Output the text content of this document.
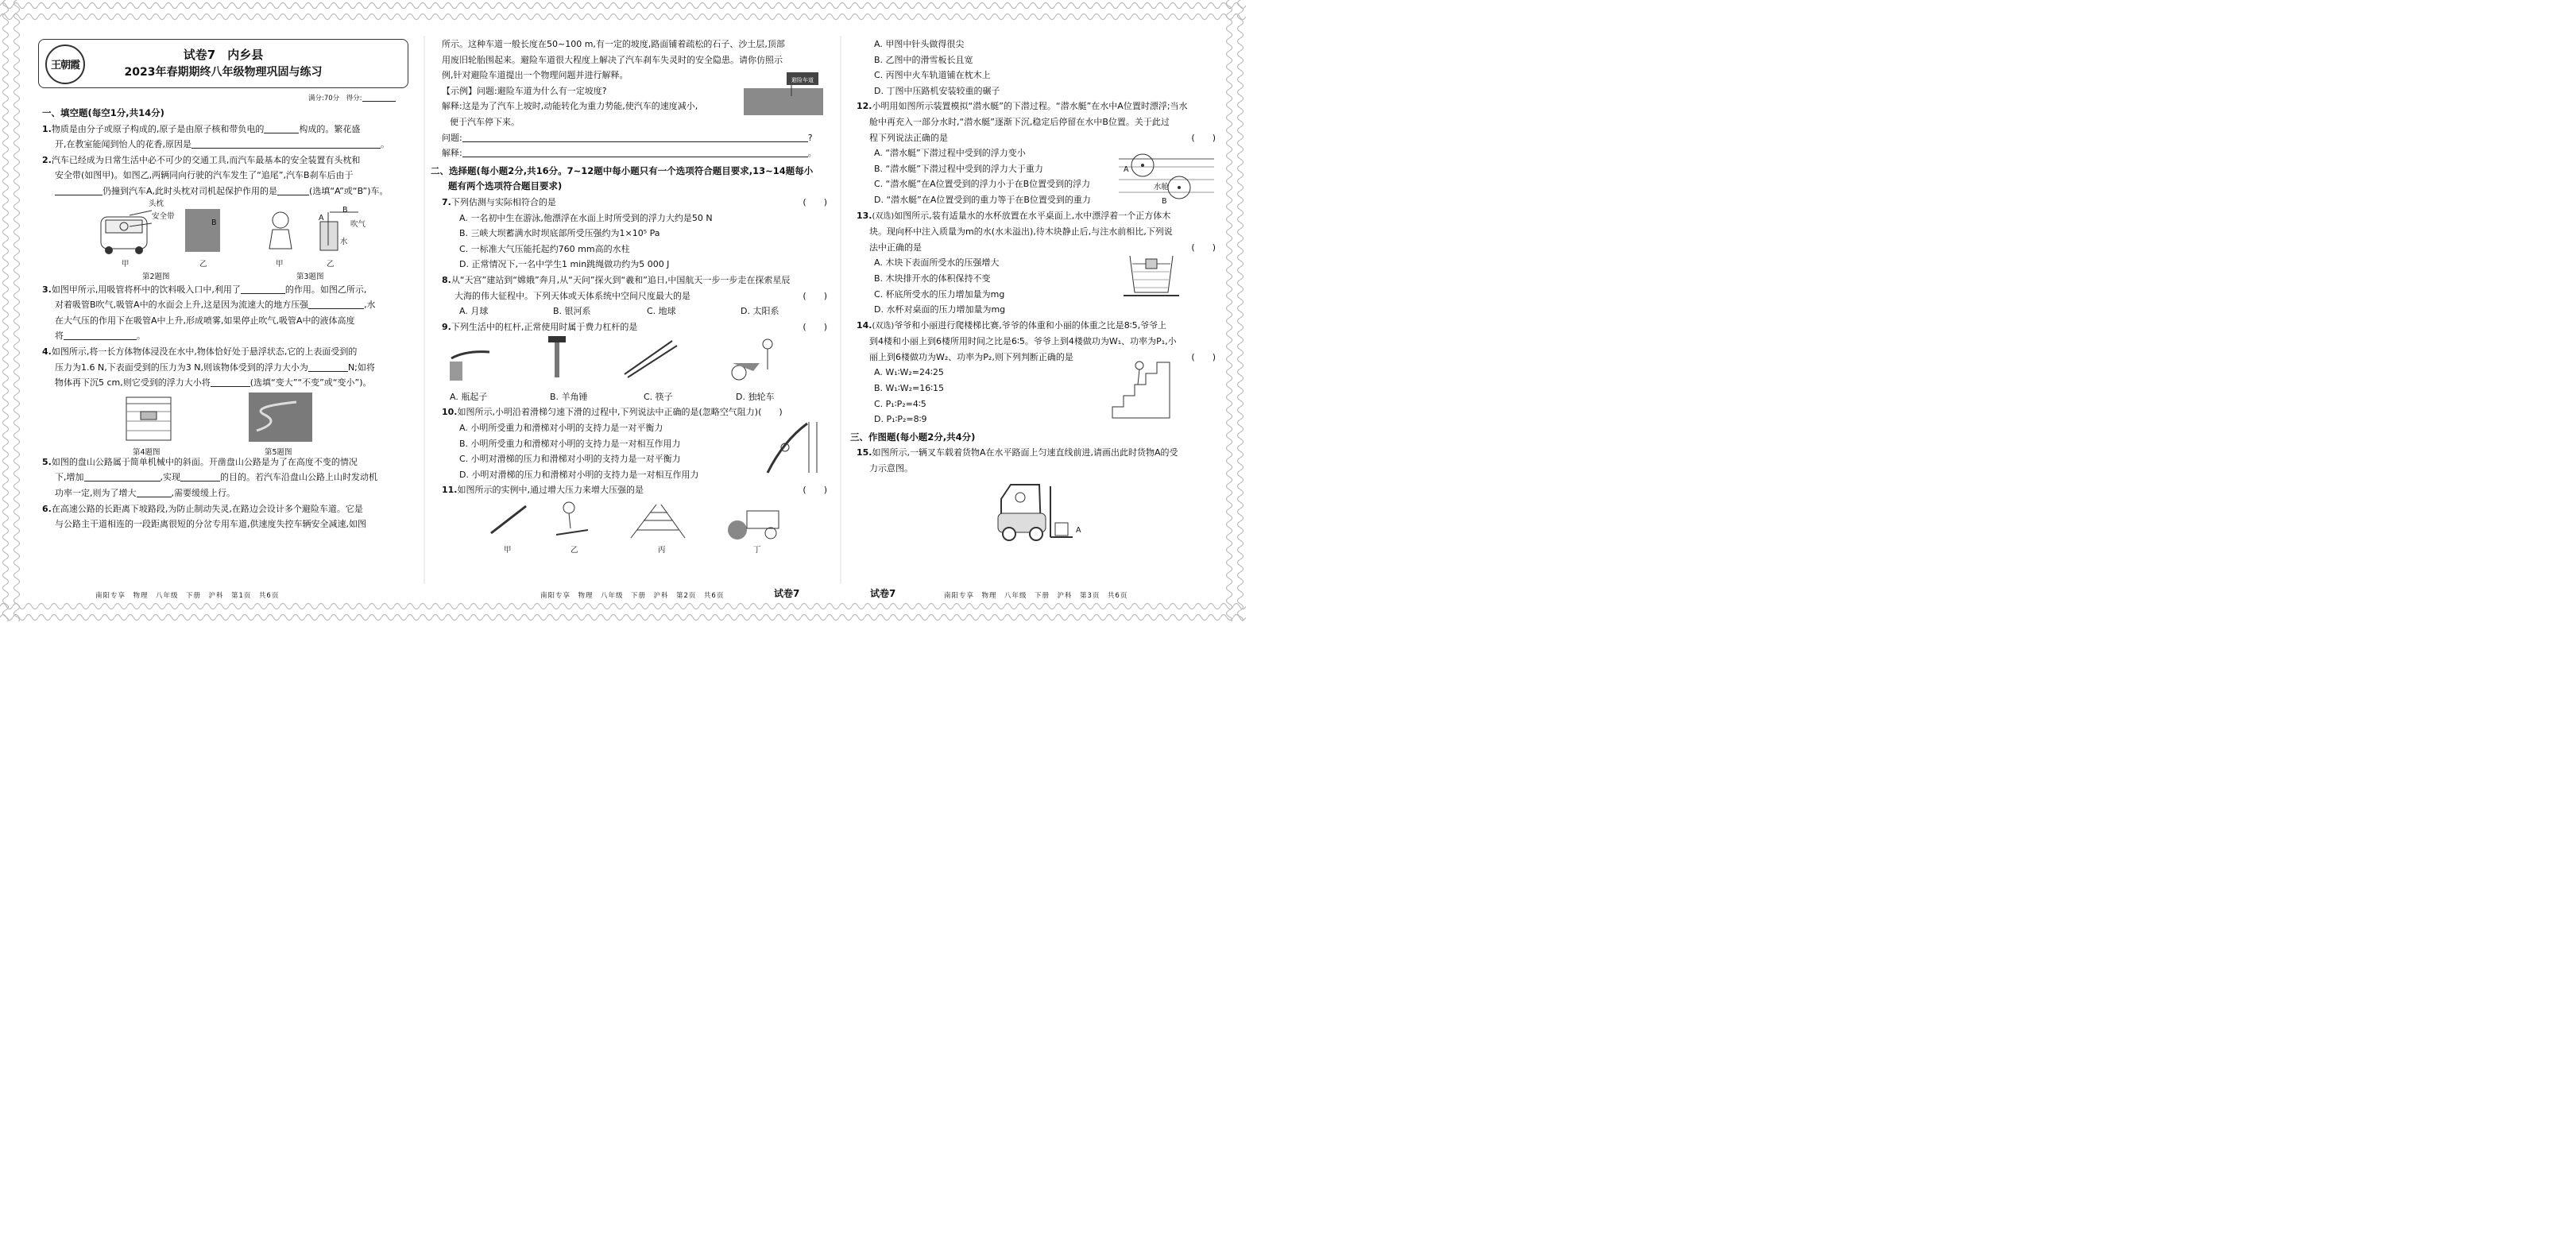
王朝霞
试卷7　内乡县
2023年春期期终八年级物理巩固与练习
满分:70分　得分:

一、填空题(每空1分,共14分)

1.物质是由分子或原子构成的,原子是由原子核和带负电的	构成的。繁花盛

开,在教室能闻到怡人的花香,原因是	。

2.汽车已经成为日常生活中必不可少的交通工具,而汽车最基本的安全装置有头枕和

安全带(如图甲)。如图乙,两辆同向行驶的汽车发生了“追尾”,汽车B刹车后由于

仍撞到汽车A,此时头枕对司机起保护作用的是	(选填“A”或“B”)车。

头枕
安全带
B
甲	乙
B
A
吹气
水
甲	乙
第2题图	第3题图

3.如图甲所示,用吸管将杯中的饮料吸入口中,利用了	的作用。如图乙所示,

对着吸管B吹气,吸管A中的水面会上升,这是因为流速大的地方压强	,水

在大气压的作用下在吸管A中上升,形成喷雾,如果停止吹气,吸管A中的液体高度

将	。

4.如图所示,将一长方体物体浸没在水中,物体恰好处于悬浮状态,它的上表面受到的

压力为1.6 N,下表面受到的压力为3 N,则该物体受到的浮力大小为	N;如将

物体再下沉5 cm,则它受到的浮力大小将	(选填“变大”“不变”或“变小”)。

第4题图	第5题图

5.如图的盘山公路属于简单机械中的斜面。开凿盘山公路是为了在高度不变的情况

下,增加	,实现	的目的。若汽车沿盘山公路上山时发动机

功率一定,则为了增大	,需要缓缓上行。

6.在高速公路的长距离下坡路段,为防止制动失灵,在路边会设计多个避险车道。它是

与公路主干道相连的一段距离很短的分岔专用车道,供速度失控车辆安全减速,如图

所示。这种车道一般长度在50~100 m,有一定的坡度,路面铺着疏松的石子、沙土层,顶部

用废旧轮胎围起来。避险车道很大程度上解决了汽车刹车失灵时的安全隐患。请你仿照示

例,针对避险车道提出一个物理问题并进行解释。

【示例】问题:避险车道为什么有一定坡度?

解释:这是为了汽车上坡时,动能转化为重力势能,使汽车的速度减小,

便于汽车停下来。

避险车道

问题:	?

解释:	。

二、选择题(每小题2分,共16分。7~12题中每小题只有一个选项符合题目要求,13~14题每小

题有两个选项符合题目要求)

7.下列估测与实际相符合的是	(　　)

A. 一名初中生在游泳,他漂浮在水面上时所受到的浮力大约是50 N

B. 三峡大坝蓄满水时坝底部所受压强约为1×10⁵ Pa

C. 一标准大气压能托起约760 mm高的水柱

D. 正常情况下,一名中学生1 min跳绳做功约为5 000 J

8.从“天宫”建站到“嫦娥”奔月,从“天问”探火到“羲和”追日,中国航天一步一步走在探索星辰

大海的伟大征程中。下列天体或天体系统中空间尺度最大的是	(　　)

A. 月球	B. 银河系	C. 地球	D. 太阳系

9.下列生活中的杠杆,正常使用时属于费力杠杆的是	(　　)

A. 瓶起子	B. 羊角锤	C. 筷子	D. 独轮车

10.如图所示,小明沿着滑梯匀速下滑的过程中,下列说法中正确的是(忽略空气阻力)(　　)

A. 小明所受重力和滑梯对小明的支持力是一对平衡力

B. 小明所受重力和滑梯对小明的支持力是一对相互作用力

C. 小明对滑梯的压力和滑梯对小明的支持力是一对平衡力

D. 小明对滑梯的压力和滑梯对小明的支持力是一对相互作用力

11.如图所示的实例中,通过增大压力来增大压强的是	(　　)

甲	乙	丙	丁

A. 甲图中针头做得很尖

B. 乙图中的滑雪板长且宽

C. 丙图中火车轨道铺在枕木上

D. 丁图中压路机安装较重的碾子

12.小明用如图所示装置模拟“潜水艇”的下潜过程。“潜水艇”在水中A位置时漂浮;当水

舱中再充入一部分水时,“潜水艇”逐渐下沉,稳定后停留在水中B位置。关于此过

程下列说法正确的是	(　　)

A. “潜水艇”下潜过程中受到的浮力变小

B. “潜水艇”下潜过程中受到的浮力大于重力

C. “潜水艇”在A位置受到的浮力小于在B位置受到的浮力

D. “潜水艇”在A位置受到的重力等于在B位置受到的重力

A
B
水舱

13.(双选)如图所示,装有适量水的水杯放置在水平桌面上,水中漂浮着一个正方体木

块。现向杯中注入质量为m的水(水未溢出),待木块静止后,与注水前相比,下列说

法中正确的是	(　　)

A. 木块下表面所受水的压强增大

B. 木块排开水的体积保持不变

C. 杯底所受水的压力增加量为mg

D. 水杯对桌面的压力增加量为mg

14.(双选)爷爷和小丽进行爬楼梯比赛,爷爷的体重和小丽的体重之比是8∶5,爷爷上

到4楼和小丽上到6楼所用时间之比是6∶5。爷爷上到4楼做功为W₁、功率为P₁,小

丽上到6楼做功为W₂、功率为P₂,则下列判断正确的是	(　　)

A. W₁∶W₂=24∶25

B. W₁∶W₂=16∶15

C. P₁∶P₂=4∶5

D. P₁∶P₂=8∶9

三、作图题(每小题2分,共4分)

15.如图所示,一辆叉车载着货物A在水平路面上匀速直线前进,请画出此时货物A的受

力示意图。

A
南阳专享　物理　八年级　下册　沪科　第1页　共6页	南阳专享　物理　八年级　下册　沪科　第2页　共6页	试卷7	试卷7	南阳专享　物理　八年级　下册　沪科　第3页　共6页
